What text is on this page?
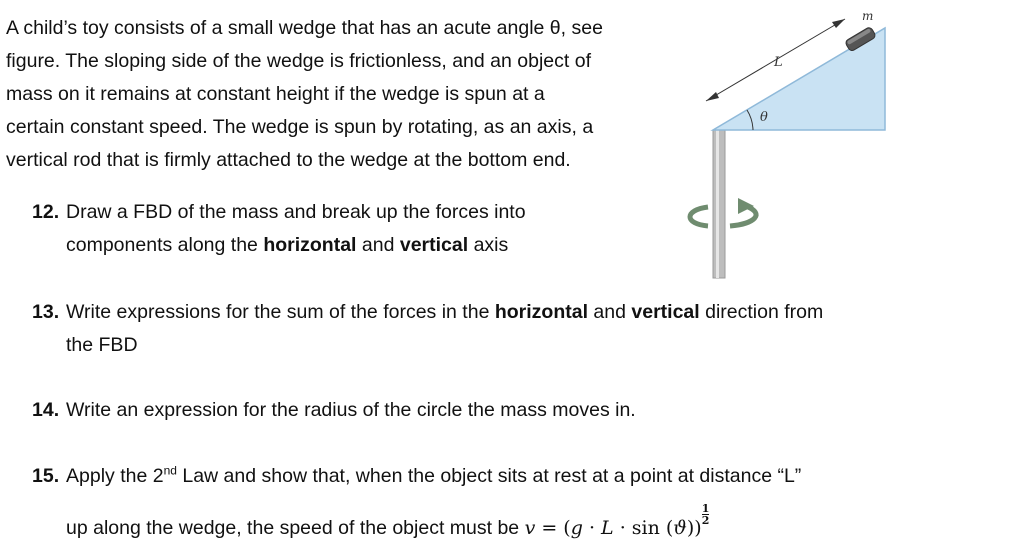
A child’s toy consists of a small wedge that has an acute angle θ, see
figure. The sloping side of the wedge is frictionless, and an object of
mass on it remains at constant height if the wedge is spun at a
certain constant speed. The wedge is spun by rotating, as an axis, a
vertical rod that is firmly attached to the wedge at the bottom end.
m
L
θ
12. Draw a FBD of the mass and break up the forces into
components along the horizontal and vertical axis
13. Write expressions for the sum of the forces in the horizontal and vertical direction from
the FBD
14. Write an expression for the radius of the circle the mass moves in.
15. Apply the 2nd Law and show that, when the object sits at rest at a point at distance “L”
up along the wedge, the speed of the object must be v = (g · L · sin (ϑ))
$\frac{1}{2}$
